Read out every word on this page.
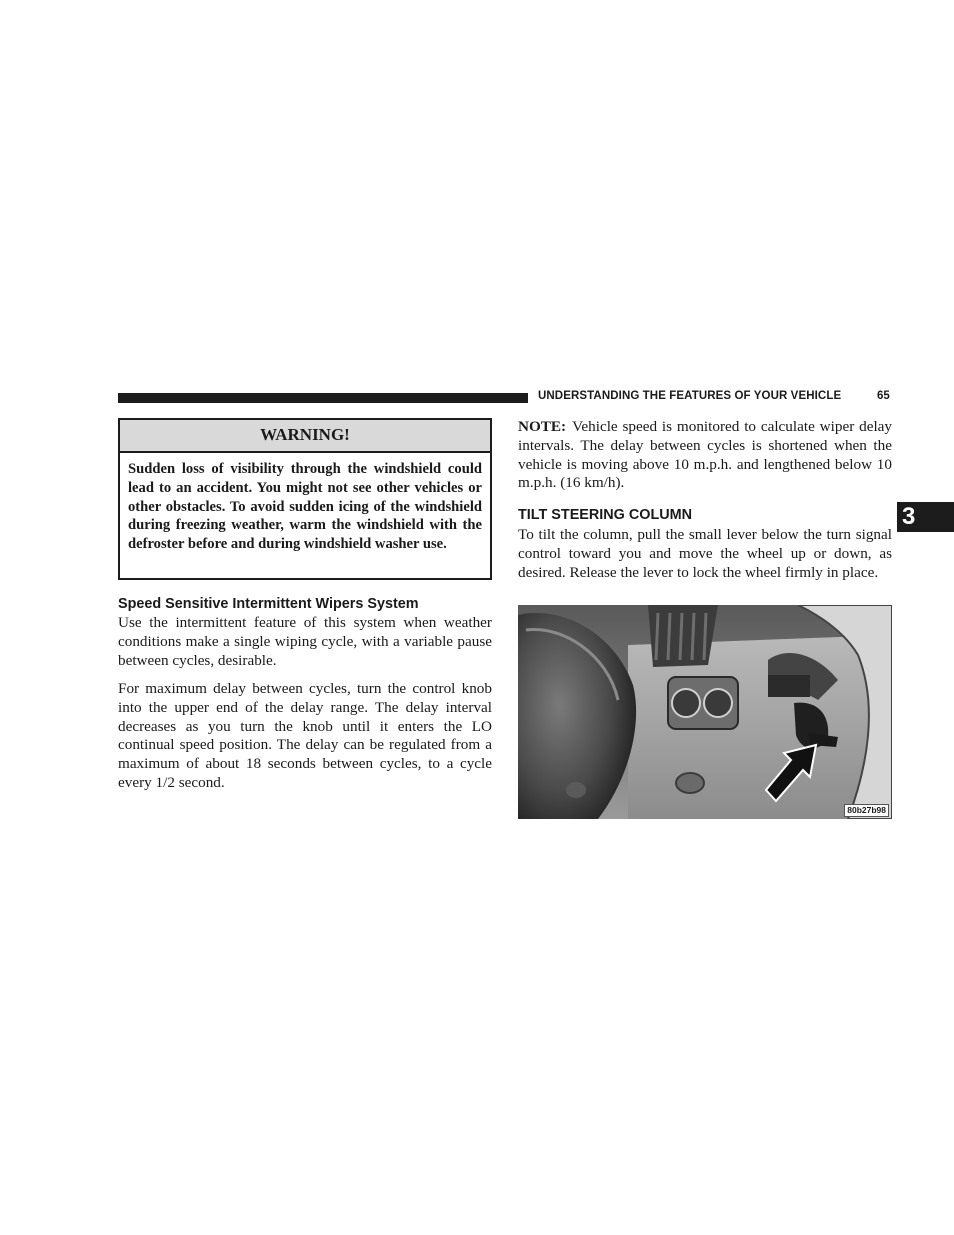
UNDERSTANDING THE FEATURES OF YOUR VEHICLE	65
3
WARNING!
Sudden loss of visibility through the windshield could lead to an accident. You might not see other vehicles or other obstacles. To avoid sudden icing of the windshield during freezing weather, warm the windshield with the defroster before and during windshield washer use.
Speed Sensitive Intermittent Wipers System

Use the intermittent feature of this system when weather conditions make a single wiping cycle, with a variable pause between cycles, desirable.

For maximum delay between cycles, turn the control knob into the upper end of the delay range. The delay interval decreases as you turn the knob until it enters the LO continual speed position. The delay can be regulated from a maximum of about 18 seconds between cycles, to a cycle every 1/2 second.

NOTE: Vehicle speed is monitored to calculate wiper delay intervals. The delay between cycles is shortened when the vehicle is moving above 10 m.p.h. and lengthened below 10 m.p.h. (16 km/h).

TILT STEERING COLUMN

To tilt the column, pull the small lever below the turn signal control toward you and move the wheel up or down, as desired. Release the lever to lock the wheel firmly in place.

80b27b98
